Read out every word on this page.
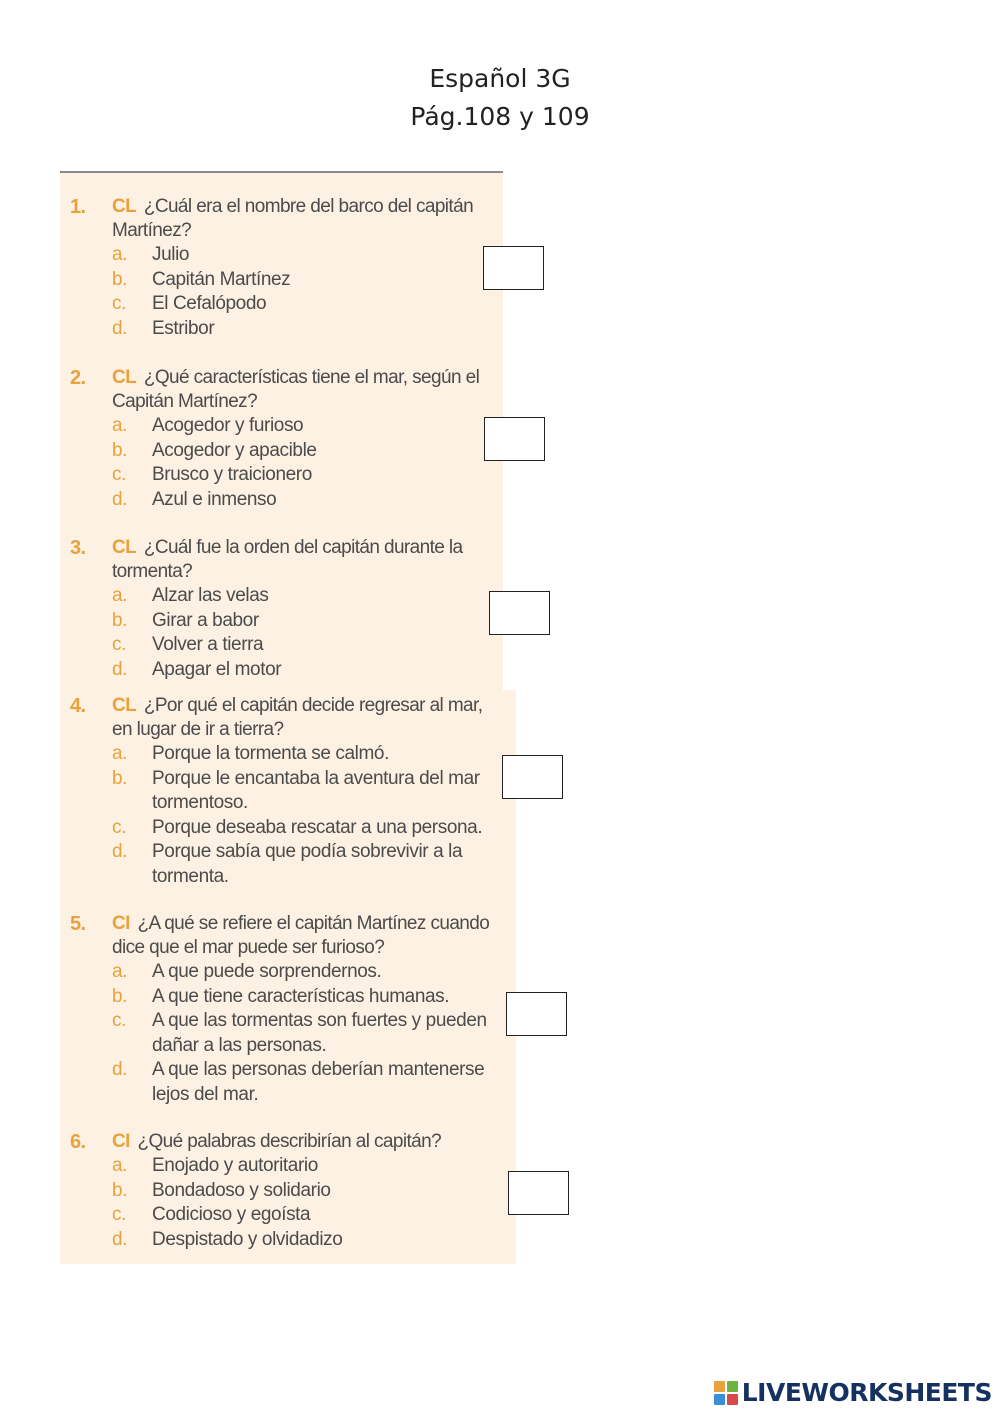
Español 3G
Pág.108 y 109
1. CL ¿Cuál era el nombre del barco del capitán Martínez?
a. Julio
b. Capitán Martínez
c. El Cefalópodo
d. Estribor
2. CL ¿Qué características tiene el mar, según el Capitán Martínez?
a. Acogedor y furioso
b. Acogedor y apacible
c. Brusco y traicionero
d. Azul e inmenso
3. CL ¿Cuál fue la orden del capitán durante la tormenta?
a. Alzar las velas
b. Girar a babor
c. Volver a tierra
d. Apagar el motor
4. CL ¿Por qué el capitán decide regresar al mar, en lugar de ir a tierra?
a. Porque la tormenta se calmó.
b. Porque le encantaba la aventura del mar tormentoso.
c. Porque deseaba rescatar a una persona.
d. Porque sabía que podía sobrevivir a la tormenta.
5. CI ¿A qué se refiere el capitán Martínez cuando dice que el mar puede ser furioso?
a. A que puede sorprendernos.
b. A que tiene características humanas.
c. A que las tormentas son fuertes y pueden dañar a las personas.
d. A que las personas deberían mantenerse lejos del mar.
6. CI ¿Qué palabras describirían al capitán?
a. Enojado y autoritario
b. Bondadoso y solidario
c. Codicioso y egoísta
d. Despistado y olvidadizo
LIVEWORKSHEETS
